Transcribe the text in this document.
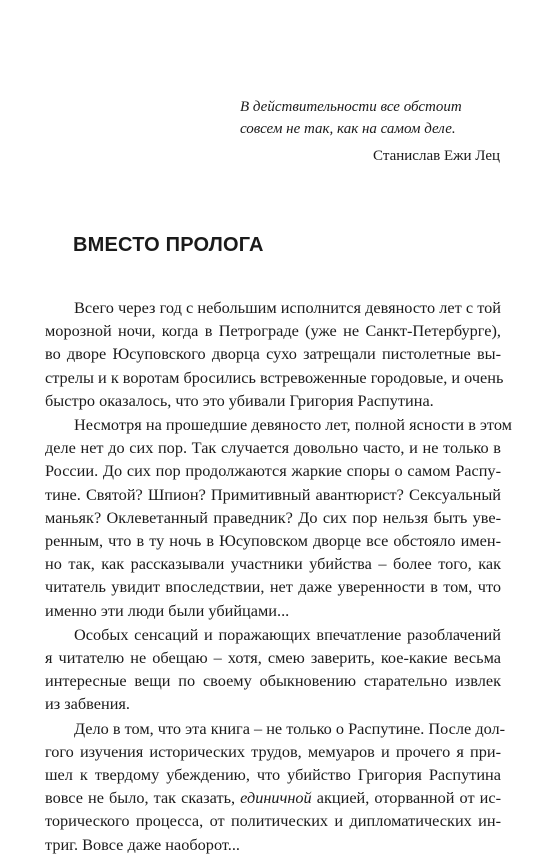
В действительности все обстоит
совсем не так, как на самом деле.
Станислав Ежи Лец
ВМЕСТО ПРОЛОГА
Всего через год с небольшим исполнится девяносто лет с той
морозной ночи, когда в Петрограде (уже не Санкт-Петербурге),
во дворе Юсуповского дворца сухо затрещали пистолетные вы-
стрелы и к воротам бросились встревоженные городовые, и очень
быстро оказалось, что это убивали Григория Распутина.
Несмотря на прошедшие девяносто лет, полной ясности в этом
деле нет до сих пор. Так случается довольно часто, и не только в
России. До сих пор продолжаются жаркие споры о самом Распу-
тине. Святой? Шпион? Примитивный авантюрист? Сексуальный
маньяк? Оклеветанный праведник? До сих пор нельзя быть уве-
ренным, что в ту ночь в Юсуповском дворце все обстояло имен-
но так, как рассказывали участники убийства – более того, как
читатель увидит впоследствии, нет даже уверенности в том, что
именно эти люди были убийцами...
Особых сенсаций и поражающих впечатление разоблачений
я читателю не обещаю – хотя, смею заверить, кое-какие весьма
интересные вещи по своему обыкновению старательно извлек
из забвения.
Дело в том, что эта книга – не только о Распутине. После дол-
гого изучения исторических трудов, мемуаров и прочего я при-
шел к твердому убеждению, что убийство Григория Распутина
вовсе не было, так сказать, единичной акцией, оторванной от ис-
торического процесса, от политических и дипломатических ин-
триг. Вовсе даже наоборот...
